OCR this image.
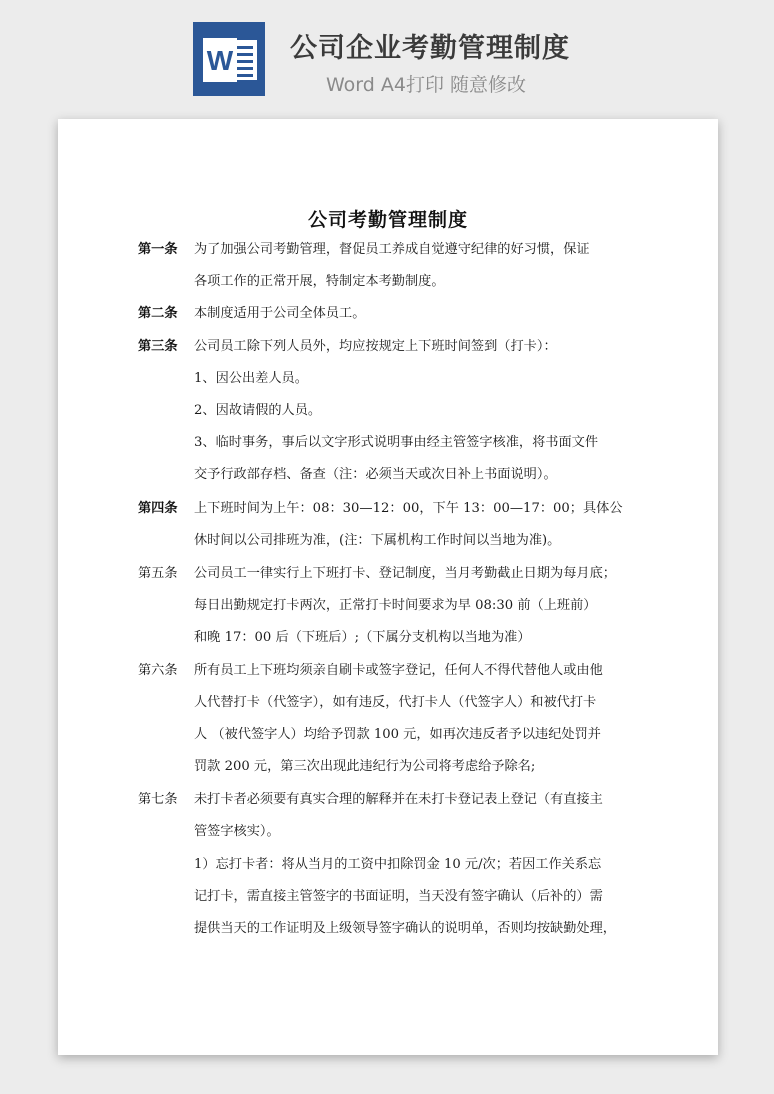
W 公司企业考勤管理制度
Word A4打印 随意修改
公司考勤管理制度
第一条 为了加强公司考勤管理，督促员工养成自觉遵守纪律的好习惯，保证
各项工作的正常开展，特制定本考勤制度。
第二条 本制度适用于公司全体员工。
第三条 公司员工除下列人员外，均应按规定上下班时间签到（打卡）：
1、因公出差人员。
2、因故请假的人员。
3、临时事务，事后以文字形式说明事由经主管签字核准，将书面文件
交予行政部存档、备查（注：必须当天或次日补上书面说明）。
第四条 上下班时间为上午：08：30—12：00，下午 13：00—17：00；具体公
休时间以公司排班为准，(注：下属机构工作时间以当地为准)。
第五条 公司员工一律实行上下班打卡、登记制度，当月考勤截止日期为每月底；
每日出勤规定打卡两次，正常打卡时间要求为早 08:30 前（上班前）
和晚 17：00 后（下班后）;（下属分支机构以当地为准）
第六条 所有员工上下班均须亲自刷卡或签字登记，任何人不得代替他人或由他
人代替打卡（代签字），如有违反，代打卡人（代签字人）和被代打卡
人 （被代签字人）均给予罚款 100 元，如再次违反者予以违纪处罚并
罚款 200 元，第三次出现此违纪行为公司将考虑给予除名;
第七条 未打卡者必须要有真实合理的解释并在未打卡登记表上登记（有直接主
管签字核实）。
1）忘打卡者：将从当月的工资中扣除罚金 10 元/次；若因工作关系忘
记打卡，需直接主管签字的书面证明，当天没有签字确认（后补的）需
提供当天的工作证明及上级领导签字确认的说明单，否则均按缺勤处理，
